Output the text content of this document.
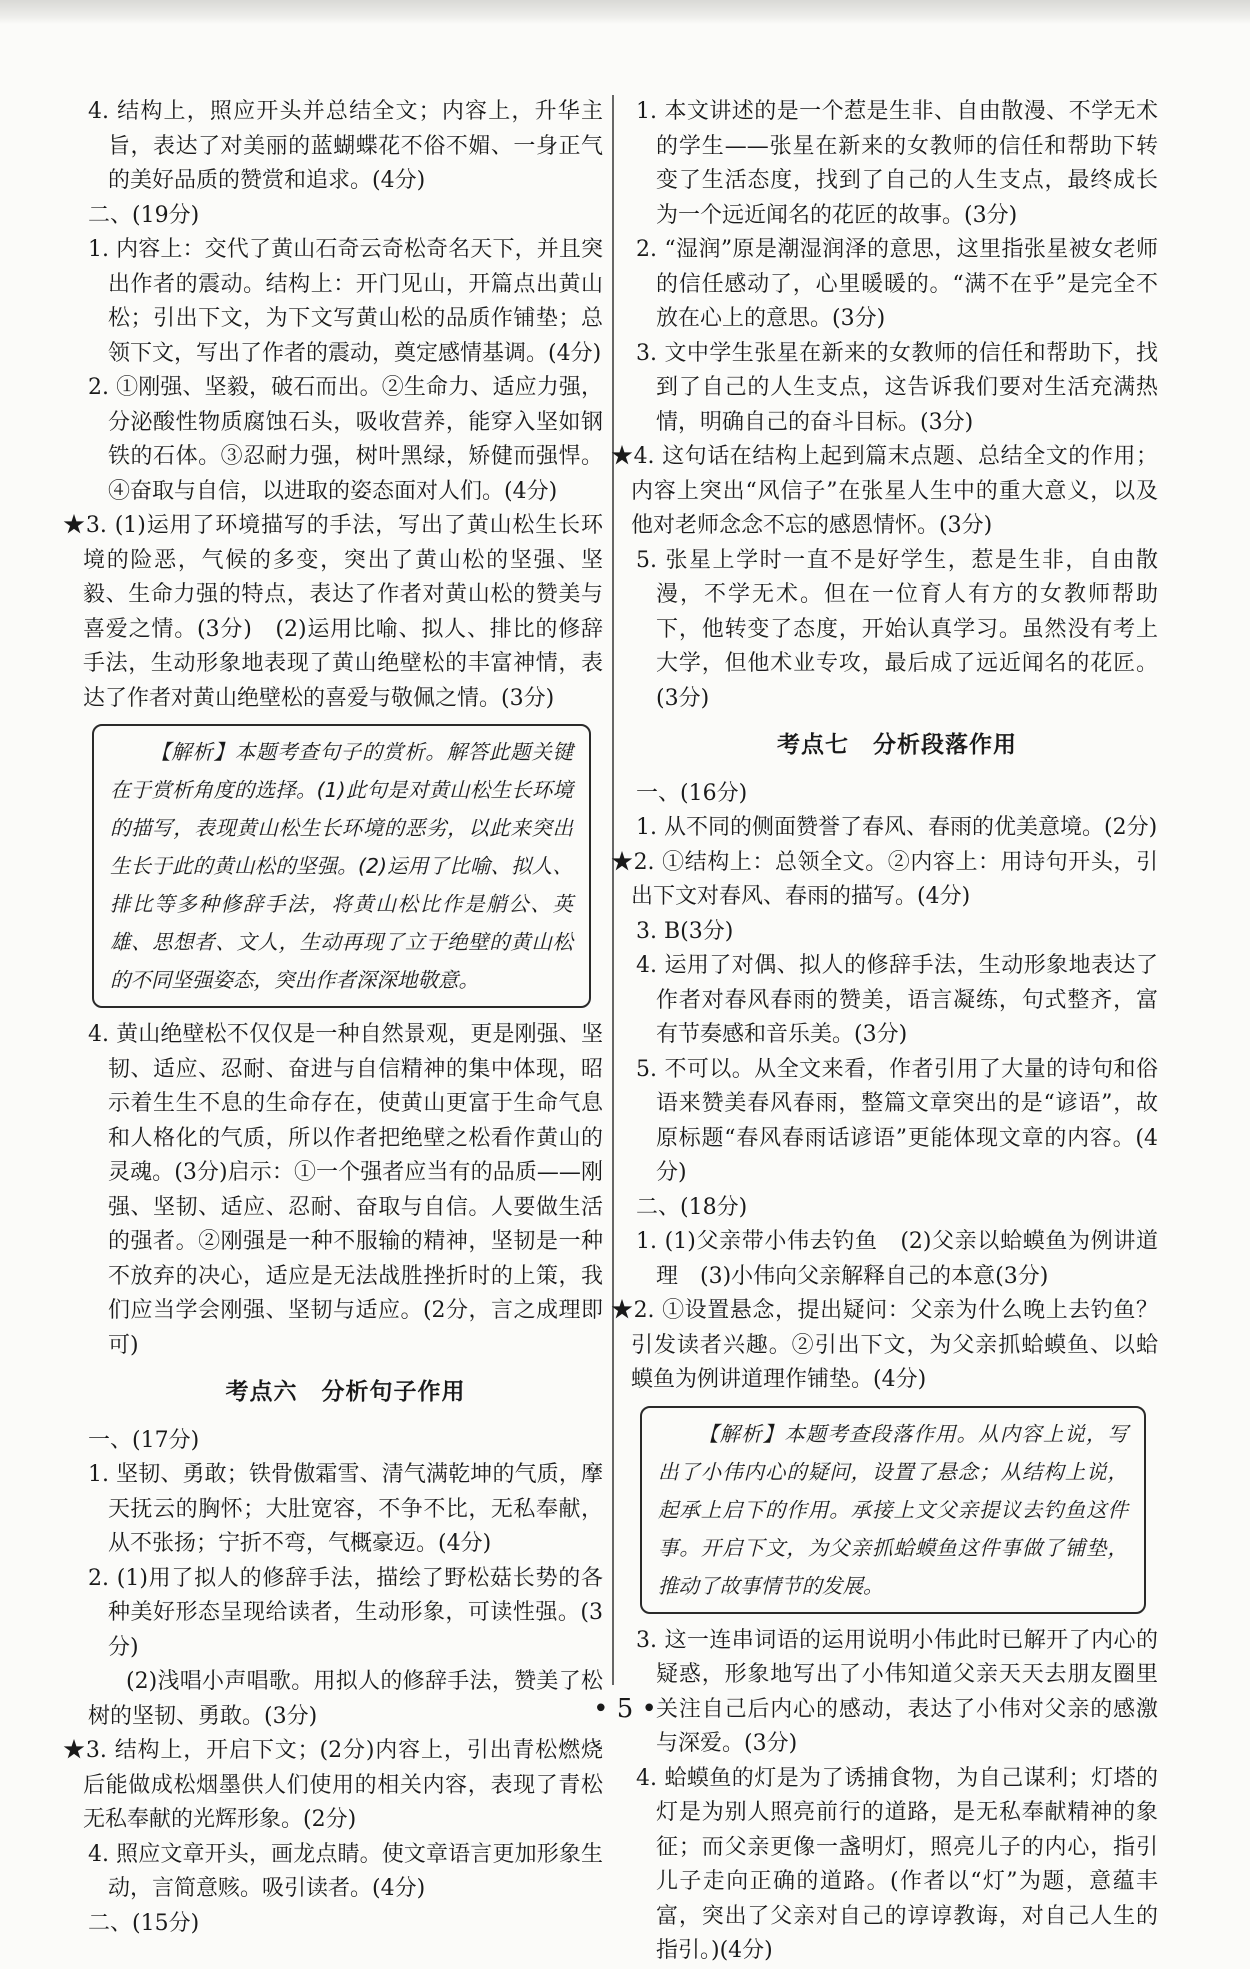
4. 结构上，照应开头并总结全文；内容上，升华主旨，表达了对美丽的蓝蝴蝶花不俗不媚、一身正气的美好品质的赞赏和追求。(4分)

二、(19分)

1. 内容上：交代了黄山石奇云奇松奇名天下，并且突出作者的震动。结构上：开门见山，开篇点出黄山松；引出下文，为下文写黄山松的品质作铺垫；总领下文，写出了作者的震动，奠定感情基调。(4分)

2. ①刚强、坚毅，破石而出。②生命力、适应力强，分泌酸性物质腐蚀石头，吸收营养，能穿入坚如钢铁的石体。③忍耐力强，树叶黑绿，矫健而强悍。④奋取与自信，以进取的姿态面对人们。(4分)

★3. (1)运用了环境描写的手法，写出了黄山松生长环境的险恶，气候的多变，突出了黄山松的坚强、坚毅、生命力强的特点，表达了作者对黄山松的赞美与喜爱之情。(3分)　(2)运用比喻、拟人、排比的修辞手法，生动形象地表现了黄山绝壁松的丰富神情，表达了作者对黄山绝壁松的喜爱与敬佩之情。(3分)

【解析】本题考查句子的赏析。解答此题关键在于赏析角度的选择。(1)此句是对黄山松生长环境的描写，表现黄山松生长环境的恶劣，以此来突出生长于此的黄山松的坚强。(2)运用了比喻、拟人、排比等多种修辞手法，将黄山松比作是艄公、英雄、思想者、文人，生动再现了立于绝壁的黄山松的不同坚强姿态，突出作者深深地敬意。

4. 黄山绝壁松不仅仅是一种自然景观，更是刚强、坚韧、适应、忍耐、奋进与自信精神的集中体现，昭示着生生不息的生命存在，使黄山更富于生命气息和人格化的气质，所以作者把绝壁之松看作黄山的灵魂。(3分)启示：①一个强者应当有的品质——刚强、坚韧、适应、忍耐、奋取与自信。人要做生活的强者。②刚强是一种不服输的精神，坚韧是一种不放弃的决心，适应是无法战胜挫折时的上策，我们应当学会刚强、坚韧与适应。(2分，言之成理即可)

考点六　分析句子作用

一、(17分)

1. 坚韧、勇敢；铁骨傲霜雪、清气满乾坤的气质，摩天抚云的胸怀；大肚宽容，不争不比，无私奉献，从不张扬；宁折不弯，气概豪迈。(4分)

2. (1)用了拟人的修辞手法，描绘了野松菇长势的各种美好形态呈现给读者，生动形象，可读性强。(3分)

(2)浅唱小声唱歌。用拟人的修辞手法，赞美了松树的坚韧、勇敢。(3分)

★3. 结构上，开启下文；(2分)内容上，引出青松燃烧后能做成松烟墨供人们使用的相关内容，表现了青松无私奉献的光辉形象。(2分)

4. 照应文章开头，画龙点睛。使文章语言更加形象生动，言简意赅。吸引读者。(4分)

二、(15分)

1. 本文讲述的是一个惹是生非、自由散漫、不学无术的学生——张星在新来的女教师的信任和帮助下转变了生活态度，找到了自己的人生支点，最终成长为一个远近闻名的花匠的故事。(3分)

2. “湿润”原是潮湿润泽的意思，这里指张星被女老师的信任感动了，心里暖暖的。“满不在乎”是完全不放在心上的意思。(3分)

3. 文中学生张星在新来的女教师的信任和帮助下，找到了自己的人生支点，这告诉我们要对生活充满热情，明确自己的奋斗目标。(3分)

★4. 这句话在结构上起到篇末点题、总结全文的作用；内容上突出“风信子”在张星人生中的重大意义，以及他对老师念念不忘的感恩情怀。(3分)

5. 张星上学时一直不是好学生，惹是生非，自由散漫，不学无术。但在一位育人有方的女教师帮助下，他转变了态度，开始认真学习。虽然没有考上大学，但他术业专攻，最后成了远近闻名的花匠。(3分)

考点七　分析段落作用

一、(16分)

1. 从不同的侧面赞誉了春风、春雨的优美意境。(2分)

★2. ①结构上：总领全文。②内容上：用诗句开头，引出下文对春风、春雨的描写。(4分)

3. B(3分)

4. 运用了对偶、拟人的修辞手法，生动形象地表达了作者对春风春雨的赞美，语言凝练，句式整齐，富有节奏感和音乐美。(3分)

5. 不可以。从全文来看，作者引用了大量的诗句和俗语来赞美春风春雨，整篇文章突出的是“谚语”，故原标题“春风春雨话谚语”更能体现文章的内容。(4分)

二、(18分)

1. (1)父亲带小伟去钓鱼　(2)父亲以蛤蟆鱼为例讲道理　(3)小伟向父亲解释自己的本意(3分)

★2. ①设置悬念，提出疑问：父亲为什么晚上去钓鱼？引发读者兴趣。②引出下文，为父亲抓蛤蟆鱼、以蛤蟆鱼为例讲道理作铺垫。(4分)

【解析】本题考查段落作用。从内容上说，写出了小伟内心的疑问，设置了悬念；从结构上说，起承上启下的作用。承接上文父亲提议去钓鱼这件事。开启下文，为父亲抓蛤蟆鱼这件事做了铺垫，推动了故事情节的发展。

3. 这一连串词语的运用说明小伟此时已解开了内心的疑惑，形象地写出了小伟知道父亲天天去朋友圈里关注自己后内心的感动，表达了小伟对父亲的感激与深爱。(3分)

4. 蛤蟆鱼的灯是为了诱捕食物，为自己谋利；灯塔的灯是为别人照亮前行的道路，是无私奉献精神的象征；而父亲更像一盏明灯，照亮儿子的内心，指引儿子走向正确的道路。(作者以“灯”为题，意蕴丰富，突出了父亲对自己的谆谆教诲，对自己人生的指引。)(4分)

• 5 •
